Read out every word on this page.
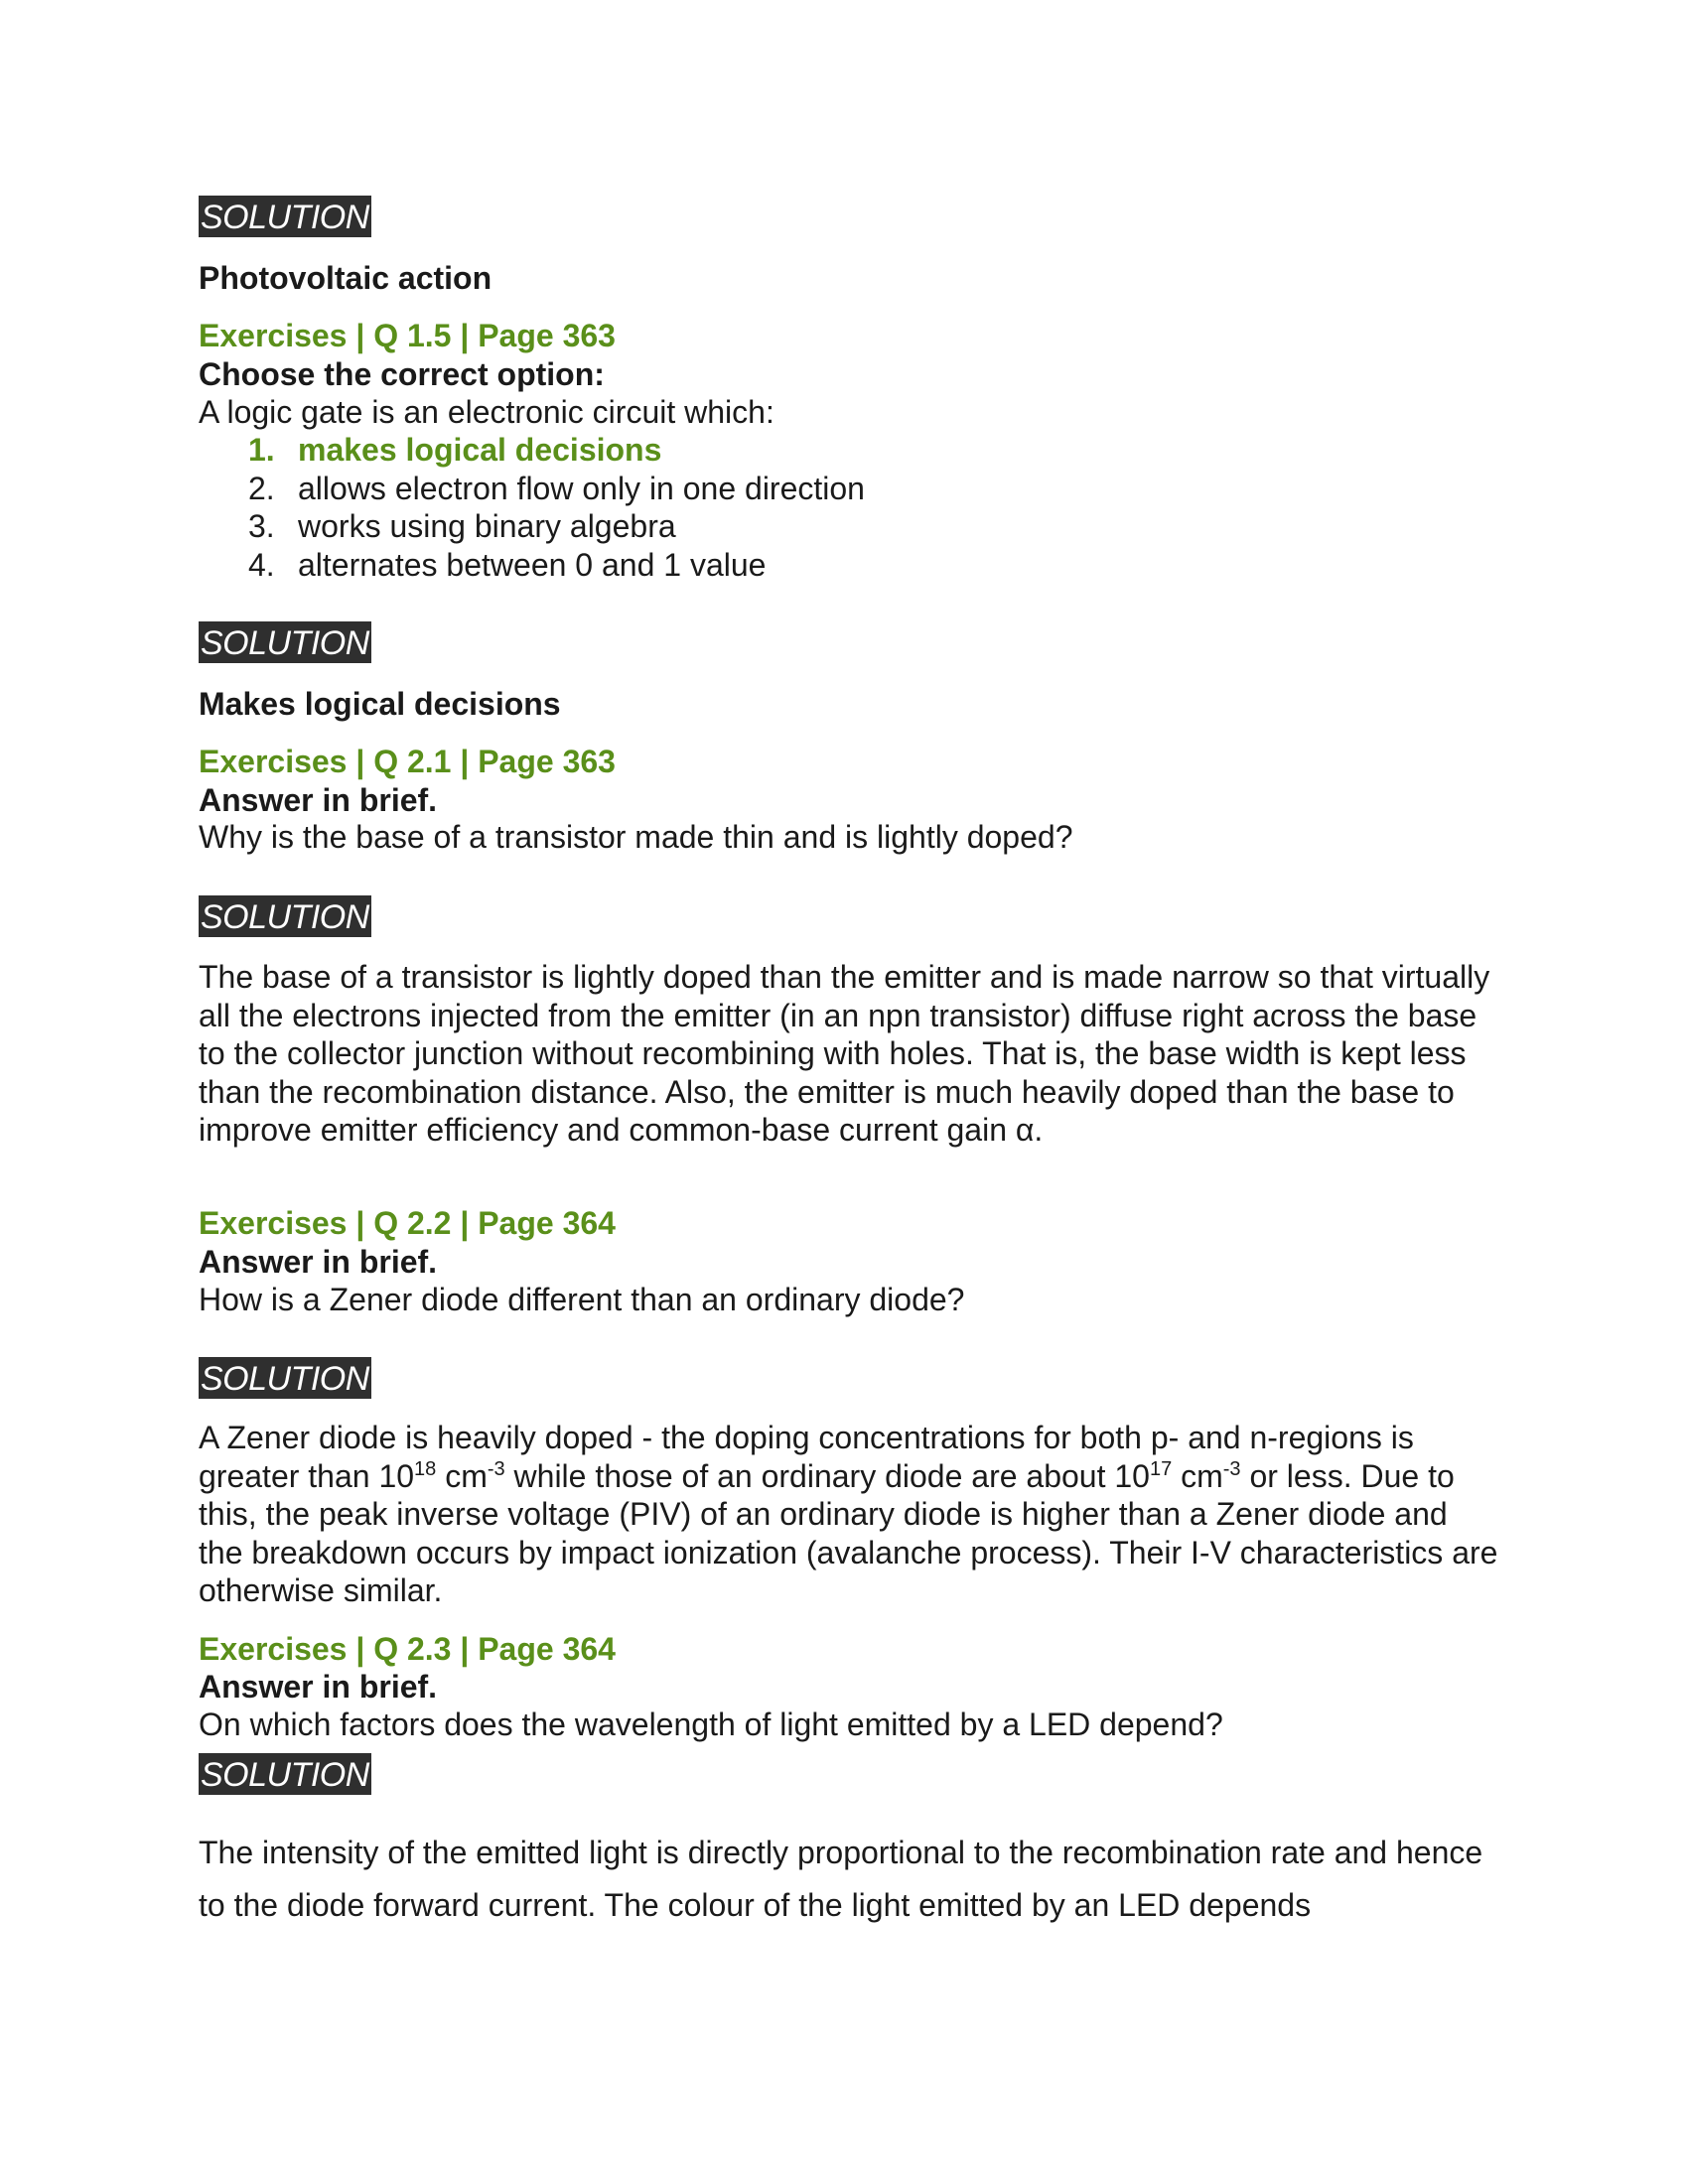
SOLUTION
Photovoltaic action
Exercises | Q 1.5 | Page 363
Choose the correct option:
A logic gate is an electronic circuit which:
1. makes logical decisions
2. allows electron flow only in one direction
3. works using binary algebra
4. alternates between 0 and 1 value
SOLUTION
Makes logical decisions
Exercises | Q 2.1 | Page 363
Answer in brief.
Why is the base of a transistor made thin and is lightly doped?
SOLUTION
The base of a transistor is lightly doped than the emitter and is made narrow so that virtually all the electrons injected from the emitter (in an npn transistor) diffuse right across the base to the collector junction without recombining with holes. That is, the base width is kept less than the recombination distance. Also, the emitter is much heavily doped than the base to improve emitter efficiency and common-base current gain α.
Exercises | Q 2.2 | Page 364
Answer in brief.
How is a Zener diode different than an ordinary diode?
SOLUTION
A Zener diode is heavily doped - the doping concentrations for both p- and n-regions is greater than $10^{18}$ $cm^{-3}$ while those of an ordinary diode are about $10^{17}$ $cm^{-3}$ or less. Due to this, the peak inverse voltage (PIV) of an ordinary diode is higher than a Zener diode and the breakdown occurs by impact ionization (avalanche process). Their I-V characteristics are otherwise similar.
Exercises | Q 2.3 | Page 364
Answer in brief.
On which factors does the wavelength of light emitted by a LED depend?
SOLUTION
The intensity of the emitted light is directly proportional to the recombination rate and hence to the diode forward current. The colour of the light emitted by an LED depends
